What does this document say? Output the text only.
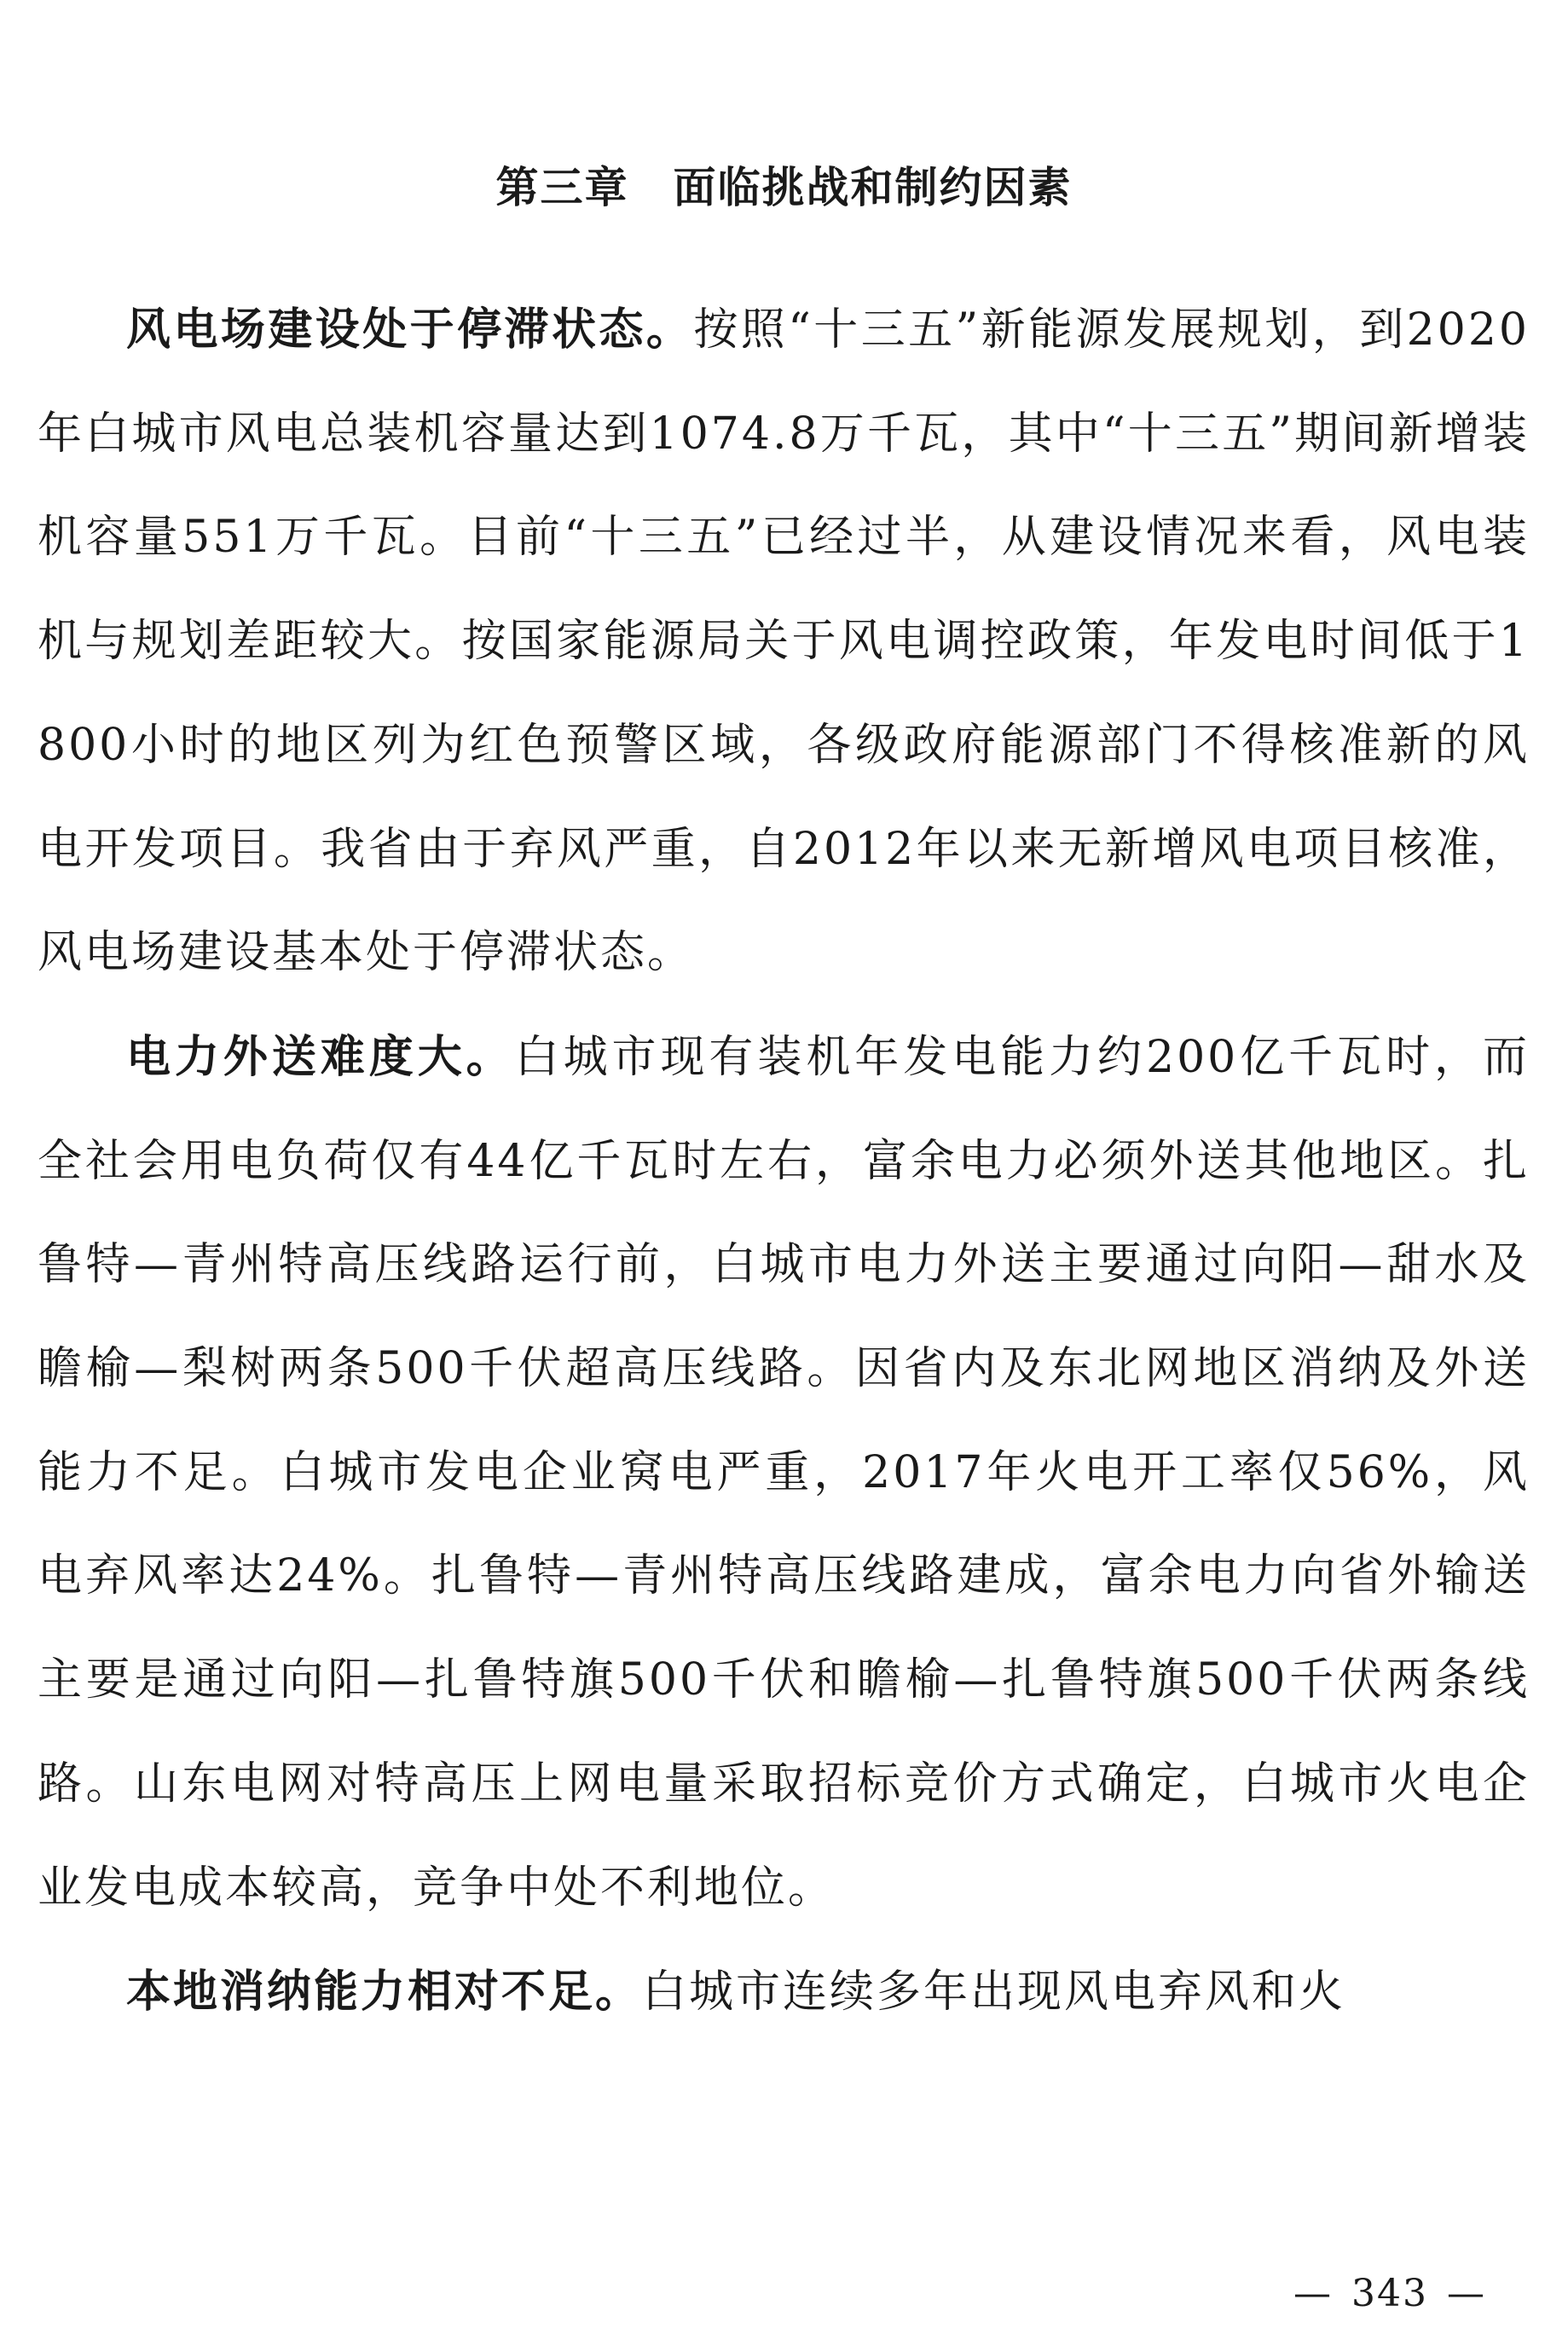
第三章　面临挑战和制约因素

风电场建设处于停滞状态。按照“十三五”新能源发展规划，到2020年白城市风电总装机容量达到1074.8万千瓦，其中“十三五”期间新增装机容量551万千瓦。目前“十三五”已经过半，从建设情况来看，风电装机与规划差距较大。按国家能源局关于风电调控政策，年发电时间低于1800小时的地区列为红色预警区域，各级政府能源部门不得核准新的风电开发项目。我省由于弃风严重，自2012年以来无新增风电项目核准，风电场建设基本处于停滞状态。

电力外送难度大。白城市现有装机年发电能力约200亿千瓦时，而全社会用电负荷仅有44亿千瓦时左右，富余电力必须外送其他地区。扎鲁特—青州特高压线路运行前，白城市电力外送主要通过向阳—甜水及瞻榆—梨树两条500千伏超高压线路。因省内及东北网地区消纳及外送能力不足。白城市发电企业窝电严重，2017年火电开工率仅56%，风电弃风率达24%。扎鲁特—青州特高压线路建成，富余电力向省外输送主要是通过向阳—扎鲁特旗500千伏和瞻榆—扎鲁特旗500千伏两条线路。山东电网对特高压上网电量采取招标竞价方式确定，白城市火电企业发电成本较高，竞争中处不利地位。

本地消纳能力相对不足。白城市连续多年出现风电弃风和火

— 343 —
